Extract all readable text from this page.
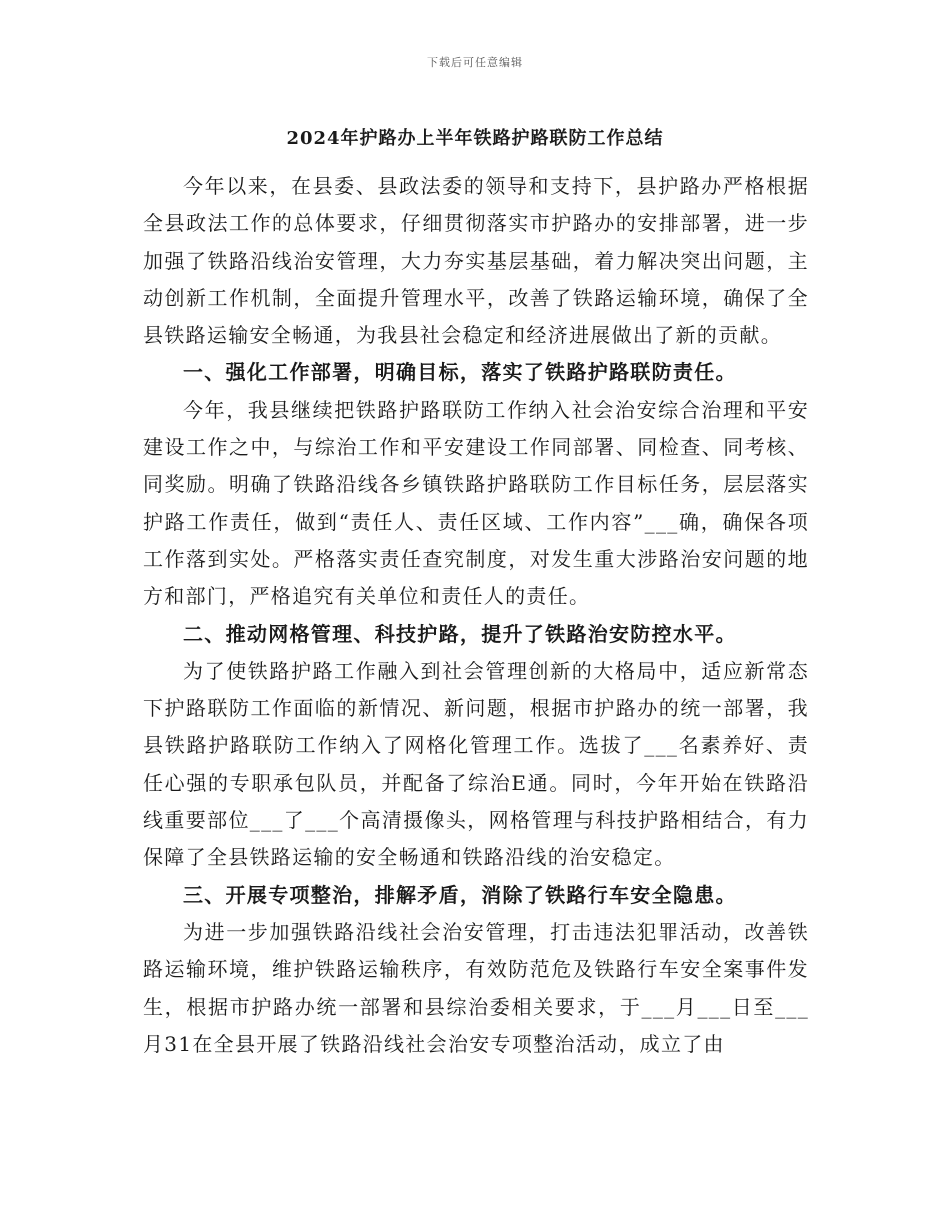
下载后可任意编辑
2024年护路办上半年铁路护路联防工作总结

今年以来，在县委、县政法委的领导和支持下，县护路办严格根据全县政法工作的总体要求，仔细贯彻落实市护路办的安排部署，进一步加强了铁路沿线治安管理，大力夯实基层基础，着力解决突出问题，主动创新工作机制，全面提升管理水平，改善了铁路运输环境，确保了全县铁路运输安全畅通，为我县社会稳定和经济进展做出了新的贡献。

一、强化工作部署，明确目标，落实了铁路护路联防责任。

今年，我县继续把铁路护路联防工作纳入社会治安综合治理和平安建设工作之中，与综治工作和平安建设工作同部署、同检查、同考核、同奖励。明确了铁路沿线各乡镇铁路护路联防工作目标任务，层层落实护路工作责任，做到“责任人、责任区域、工作内容”___确，确保各项工作落到实处。严格落实责任查究制度，对发生重大涉路治安问题的地方和部门，严格追究有关单位和责任人的责任。

二、推动网格管理、科技护路，提升了铁路治安防控水平。

为了使铁路护路工作融入到社会管理创新的大格局中，适应新常态下护路联防工作面临的新情况、新问题，根据市护路办的统一部署，我县铁路护路联防工作纳入了网格化管理工作。选拔了___名素养好、责任心强的专职承包队员，并配备了综治E通。同时，今年开始在铁路沿线重要部位___了___个高清摄像头，网格管理与科技护路相结合，有力保障了全县铁路运输的安全畅通和铁路沿线的治安稳定。

三、开展专项整治，排解矛盾，消除了铁路行车安全隐患。

为进一步加强铁路沿线社会治安管理，打击违法犯罪活动，改善铁路运输环境，维护铁路运输秩序，有效防范危及铁路行车安全案事件发生，根据市护路办统一部署和县综治委相关要求，于___月___日至___月31在全县开展了铁路沿线社会治安专项整治活动，成立了由
